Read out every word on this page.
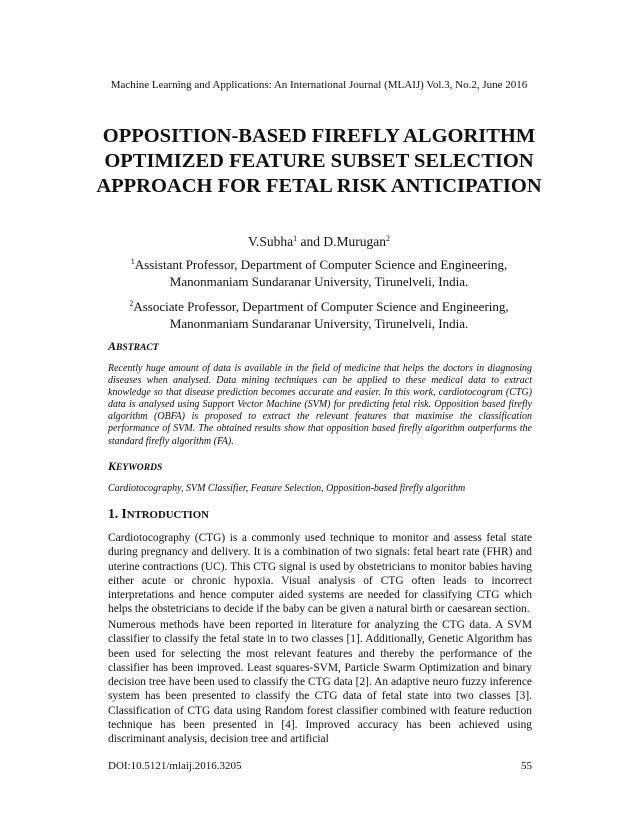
Machine Learning and Applications: An International Journal (MLAIJ) Vol.3, No.2, June 2016
OPPOSITION-BASED FIREFLY ALGORITHM OPTIMIZED FEATURE SUBSET SELECTION APPROACH FOR FETAL RISK ANTICIPATION
V.Subha$^1$ and D.Murugan$^2$
$^1$Assistant Professor, Department of Computer Science and Engineering, Manonmaniam Sundaranar University, Tirunelveli, India.
$^2$Associate Professor, Department of Computer Science and Engineering, Manonmaniam Sundaranar University, Tirunelveli, India.
ABSTRACT
Recently huge amount of data is available in the field of medicine that helps the doctors in diagnosing diseases when analysed. Data mining techniques can be applied to these medical data to extract knowledge so that disease prediction becomes accurate and easier. In this work, cardiotocogram (CTG) data is analysed using Support Vector Machine (SVM) for predicting fetal risk. Opposition based firefly algorithm (OBFA) is proposed to extract the relevant features that maximise the classification performance of SVM. The obtained results show that opposition based firefly algorithm outperforms the standard firefly algorithm (FA).
KEYWORDS
Cardiotocography, SVM Classifier, Feature Selection, Opposition-based firefly algorithm
1. INTRODUCTION
Cardiotocography (CTG) is a commonly used technique to monitor and assess fetal state during pregnancy and delivery. It is a combination of two signals: fetal heart rate (FHR) and uterine contractions (UC). This CTG signal is used by obstetricians to monitor babies having either acute or chronic hypoxia. Visual analysis of CTG often leads to incorrect interpretations and hence computer aided systems are needed for classifying CTG which helps the obstetricians to decide if the baby can be given a natural birth or caesarean section.
Numerous methods have been reported in literature for analyzing the CTG data. A SVM classifier to classify the fetal state in to two classes [1]. Additionally, Genetic Algorithm has been used for selecting the most relevant features and thereby the performance of the classifier has been improved. Least squares-SVM, Particle Swarm Optimization and binary decision tree have been used to classify the CTG data [2]. An adaptive neuro fuzzy inference system has been presented to classify the CTG data of fetal state into two classes [3]. Classification of CTG data using Random forest classifier combined with feature reduction technique has been presented in [4]. Improved accuracy has been achieved using discriminant analysis, decision tree and artificial
DOI:10.5121/mlaij.2016.3205	55
